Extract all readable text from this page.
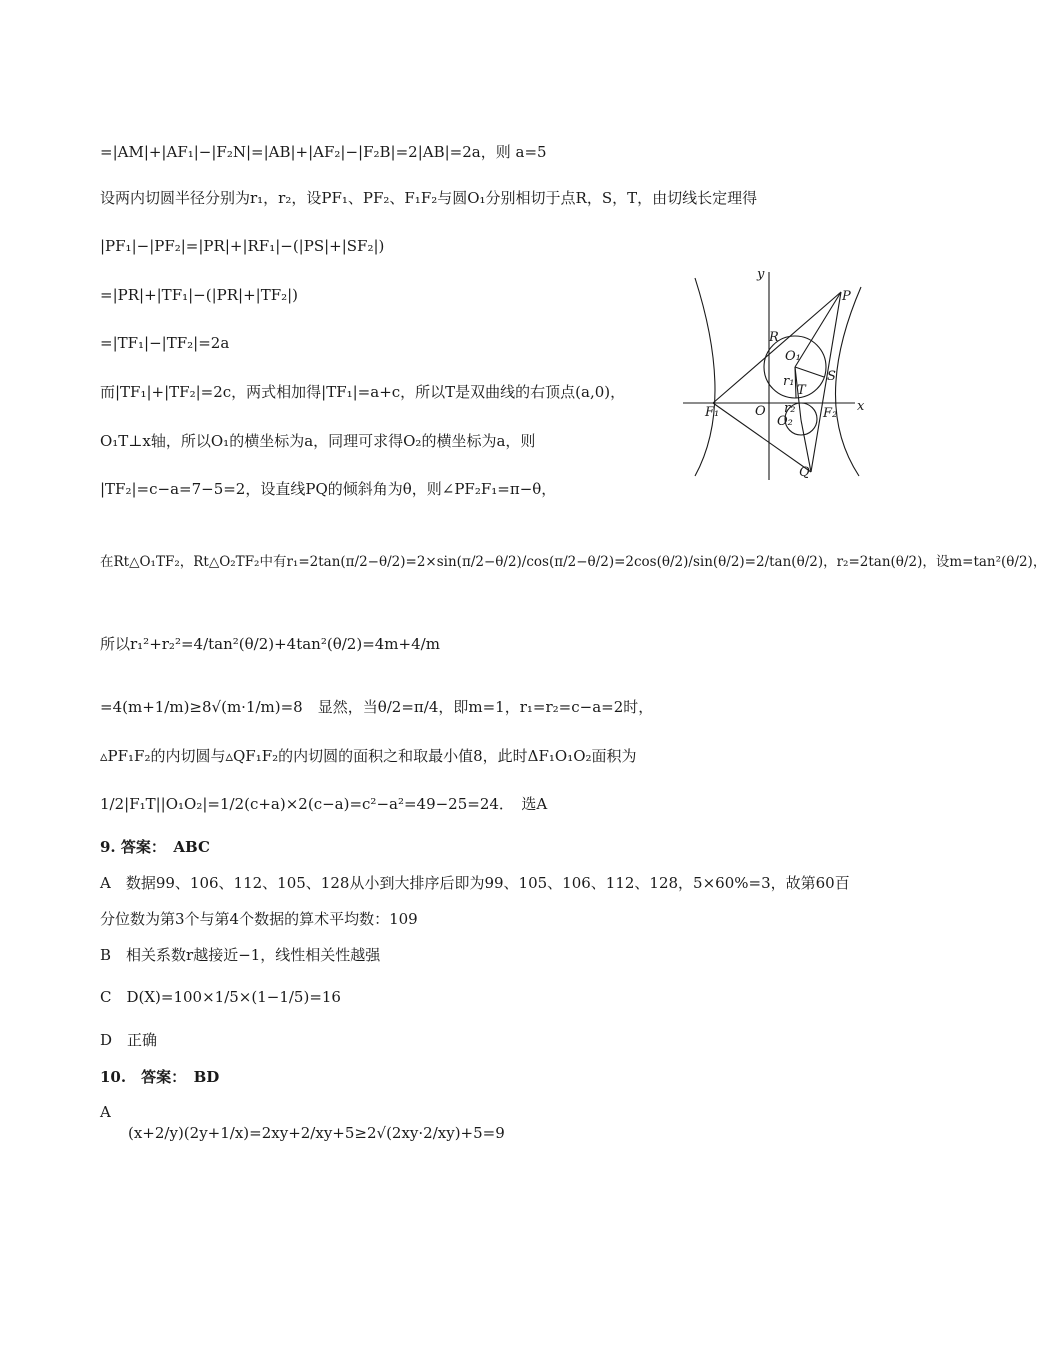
=|AM|+|AF₁|−|F₂N|=|AB|+|AF₂|−|F₂B|=2|AB|=2a，则 a=5
设两内切圆半径分别为r₁，r₂，设PF₁、PF₂、F₁F₂与圆O₁分别相切于点R，S，T，由切线长定理得
|PF₁|−|PF₂|=|PR|+|RF₁|−(|PS|+|SF₂|)
=|PR|+|TF₁|−(|PR|+|TF₂|)
=|TF₁|−|TF₂|=2a
而|TF₁|+|TF₂|=2c，两式相加得|TF₁|=a+c，所以T是双曲线的右顶点(a,0)，
O₁T⊥x轴，所以O₁的横坐标为a，同理可求得O₂的横坐标为a，则
|TF₂|=c−a=7−5=2，设直线PQ的倾斜角为θ，则∠PF₂F₁=π−θ，
在Rt△O₁TF₂，Rt△O₂TF₂中有r₁=2tan(π/2−θ/2)=2×sin(π/2−θ/2)/cos(π/2−θ/2)=2cos(θ/2)/sin(θ/2)=2/tan(θ/2)，r₂=2tan(θ/2)，设m=tan²(θ/2)，
所以r₁²+r₂²=4/tan²(θ/2)+4tan²(θ/2)=4m+4/m
=4(m+1/m)≥8√(m·1/m)=8　显然，当θ/2=π/4，即m=1，r₁=r₂=c−a=2时，
▵PF₁F₂的内切圆与▵QF₁F₂的内切圆的面积之和取最小值8，此时ΔF₁O₁O₂面积为
1/2|F₁T||O₁O₂|=1/2(c+a)×2(c−a)=c²−a²=49−25=24．　选A
9. 答案：　ABC
A　数据99、106、112、105、128从小到大排序后即为99、105、106、112、128，5×60%=3，故第60百
分位数为第3个与第4个数据的算术平均数：109
B　相关系数r越接近−1，线性相关性越强
C　D(X)=100×1/5×(1−1/5)=16
D　正确
10.　答案：　BD
A
(x+2/y)(2y+1/x)=2xy+2/xy+5≥2√(2xy·2/xy)+5=9
y
x
P
R
O₁
S
r₁
T
F₁	O r₂ F₂
O₂
Q
